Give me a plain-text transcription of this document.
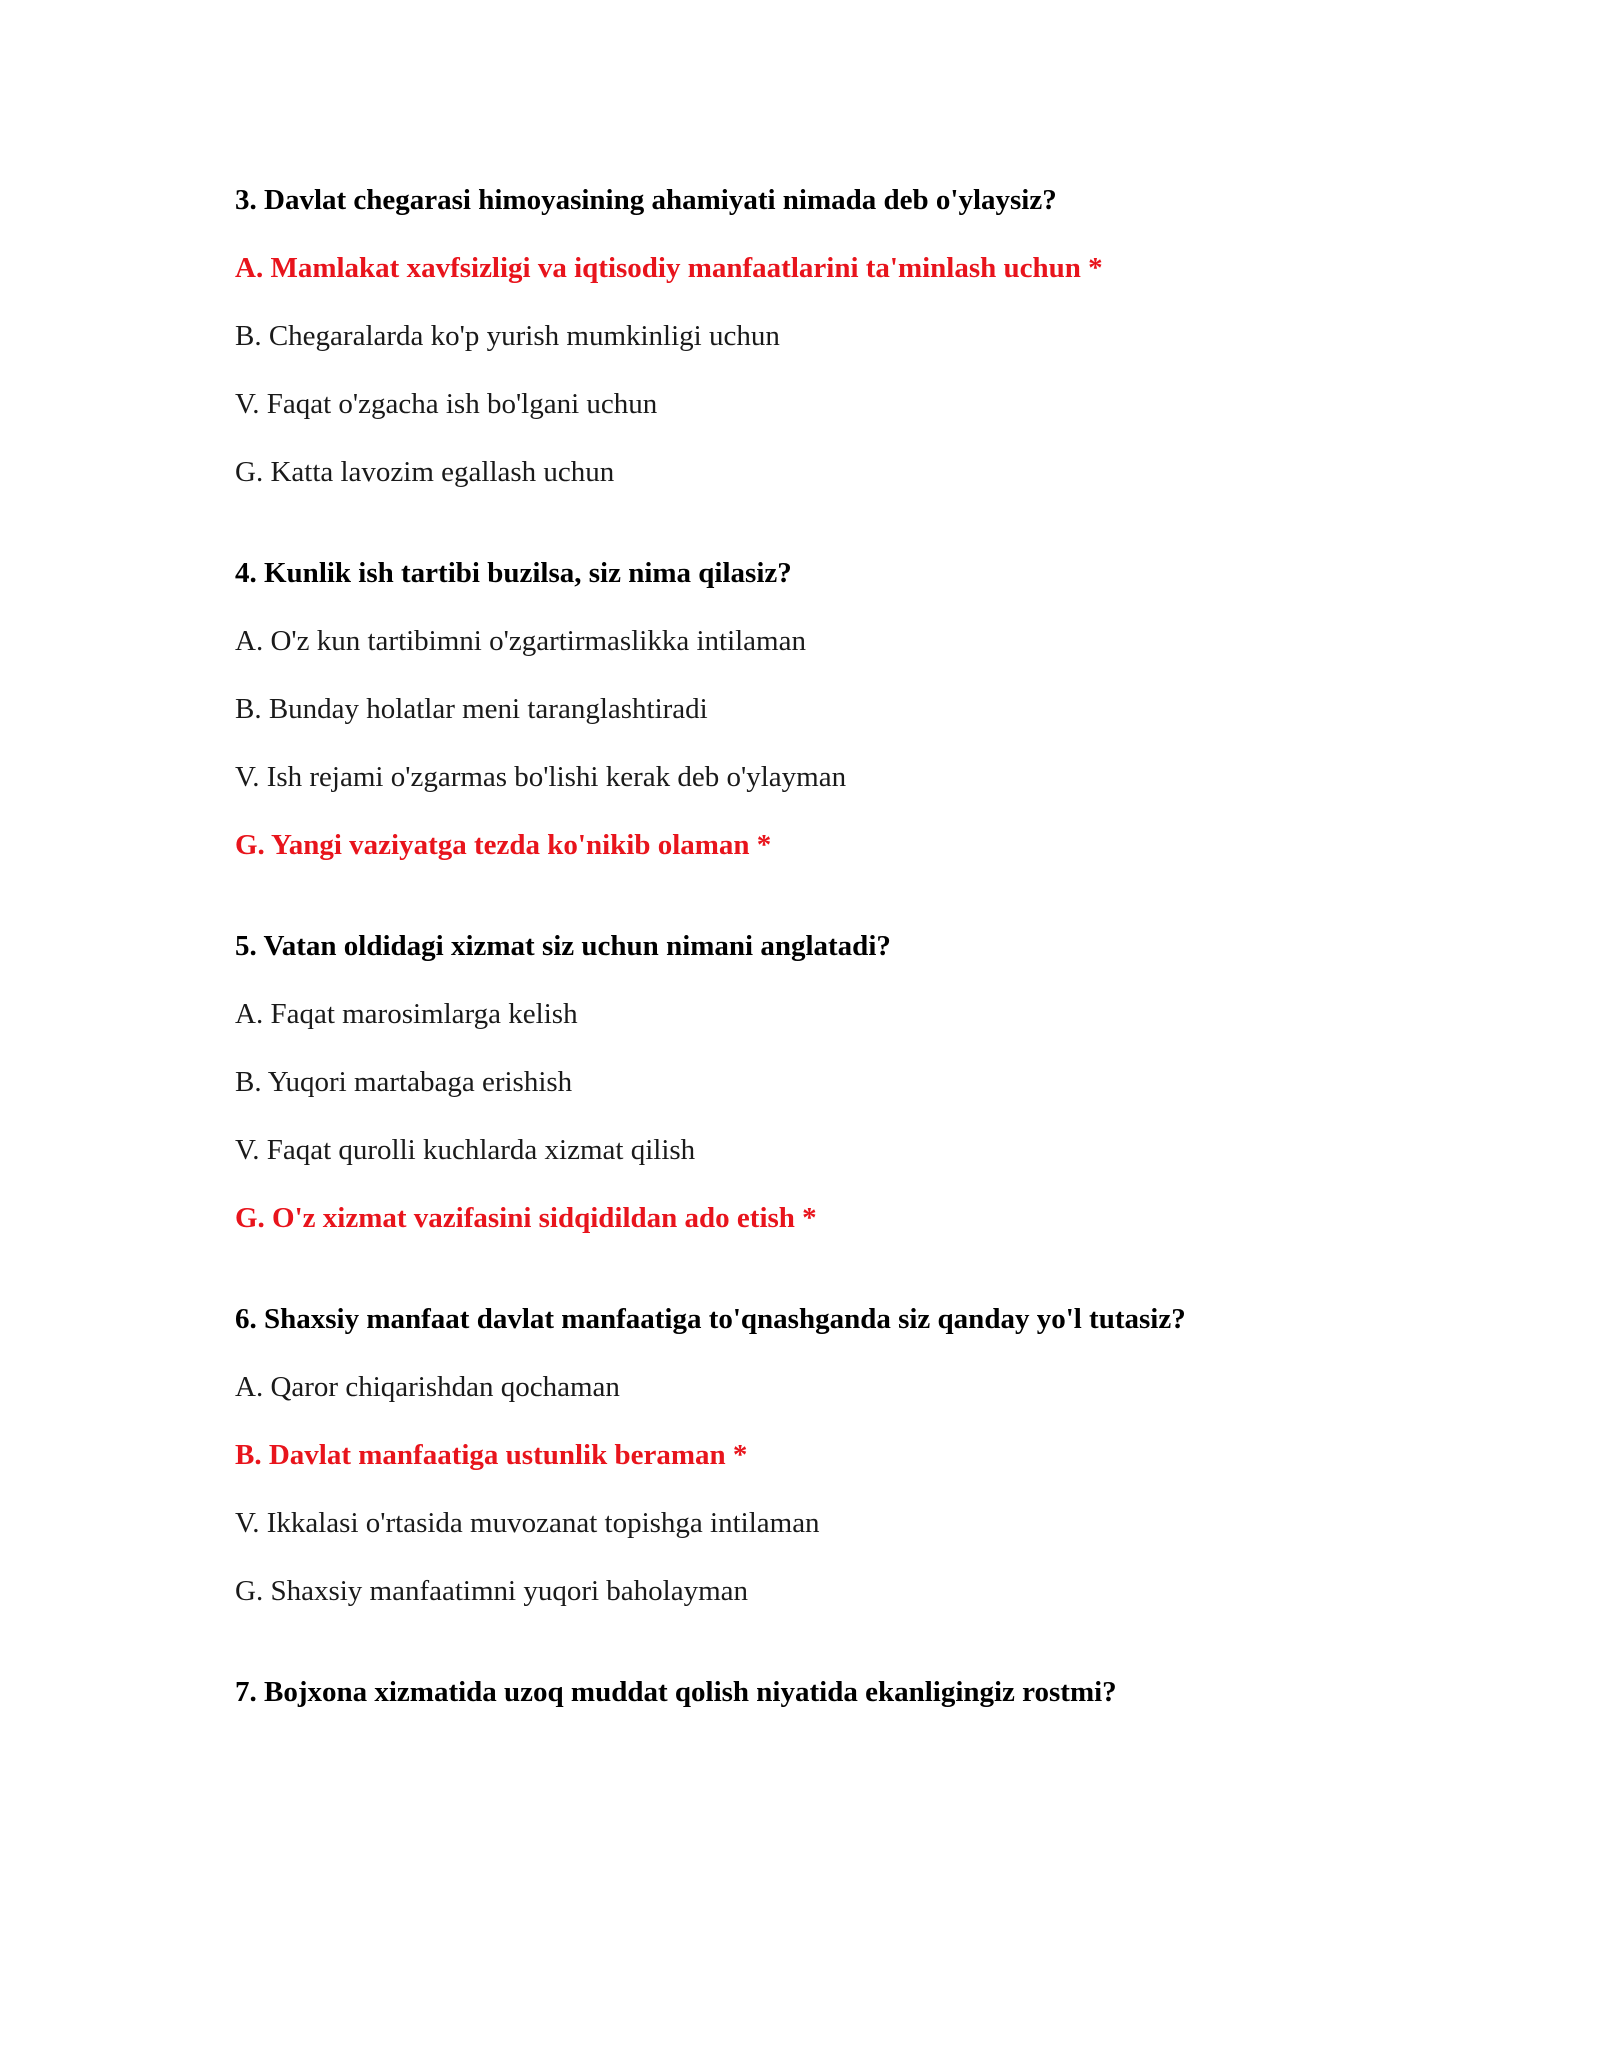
3. Davlat chegarasi himoyasining ahamiyati nimada deb o'ylaysiz?
A. Mamlakat xavfsizligi va iqtisodiy manfaatlarini ta'minlash uchun *
B. Chegaralarda ko'p yurish mumkinligi uchun
V. Faqat o'zgacha ish bo'lgani uchun
G. Katta lavozim egallash uchun
4. Kunlik ish tartibi buzilsa, siz nima qilasiz?
A. O'z kun tartibimni o'zgartirmaslikka intilaman
B. Bunday holatlar meni taranglashtiradi
V. Ish rejami o'zgarmas bo'lishi kerak deb o'ylayman
G. Yangi vaziyatga tezda ko'nikib olaman *
5. Vatan oldidagi xizmat siz uchun nimani anglatadi?
A. Faqat marosimlarga kelish
B. Yuqori martabaga erishish
V. Faqat qurolli kuchlarda xizmat qilish
G. O'z xizmat vazifasini sidqidildan ado etish *
6. Shaxsiy manfaat davlat manfaatiga to'qnashganda siz qanday yo'l tutasiz?
A. Qaror chiqarishdan qochaman
B. Davlat manfaatiga ustunlik beraman *
V. Ikkalasi o'rtasida muvozanat topishga intilaman
G. Shaxsiy manfaatimni yuqori baholayman
7. Bojxona xizmatida uzoq muddat qolish niyatida ekanligingiz rostmi?
